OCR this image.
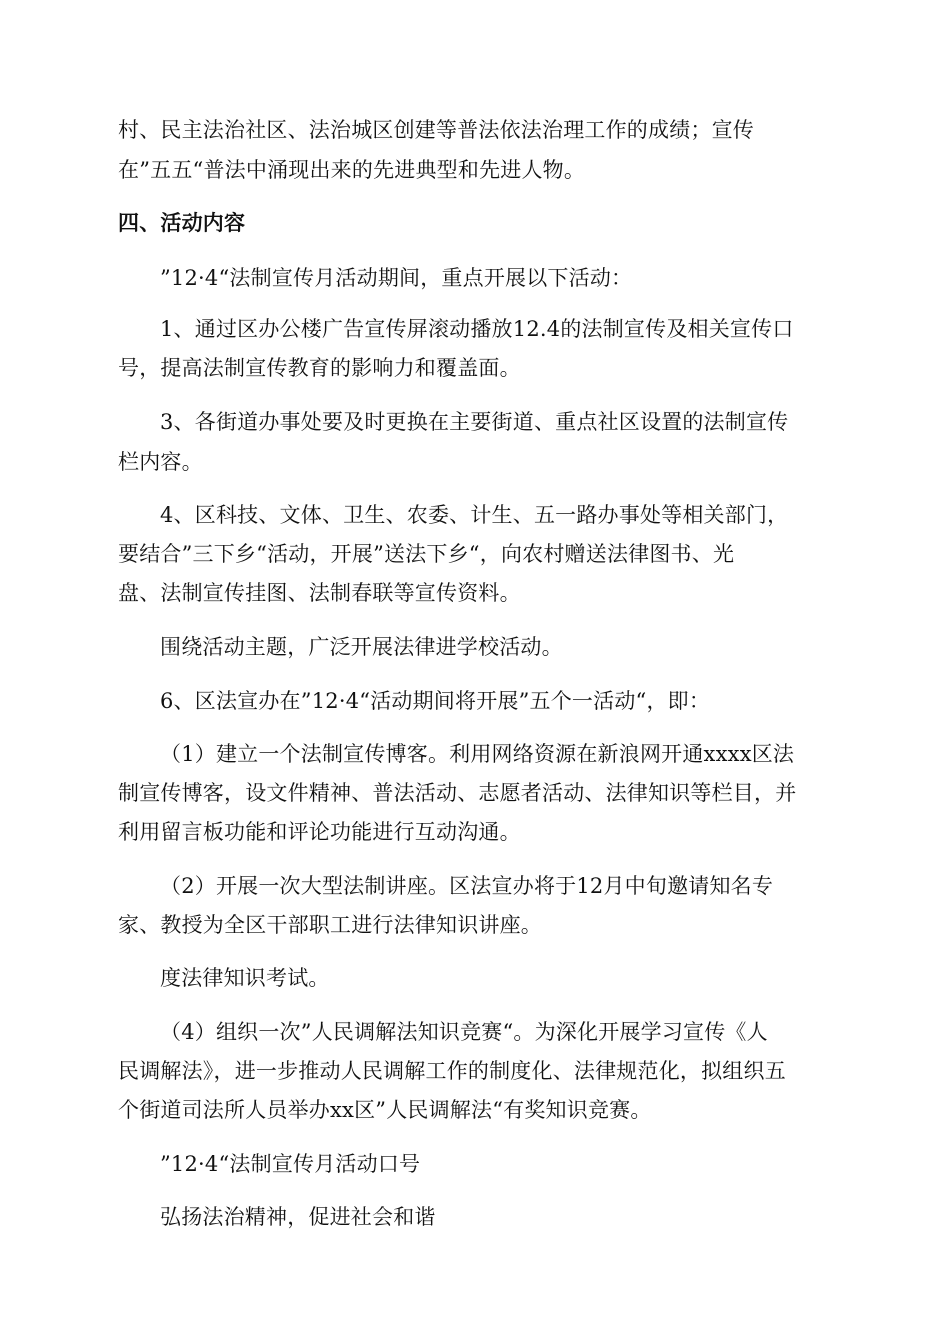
村、民主法治社区、法治城区创建等普法依法治理工作的成绩；宣传
在”五五“普法中涌现出来的先进典型和先进人物。
四、活动内容
”12·4“法制宣传月活动期间，重点开展以下活动：
1、通过区办公楼广告宣传屏滚动播放12.4的法制宣传及相关宣传口
号，提高法制宣传教育的影响力和覆盖面。
3、各街道办事处要及时更换在主要街道、重点社区设置的法制宣传
栏内容。
4、区科技、文体、卫生、农委、计生、五一路办事处等相关部门，
要结合”三下乡“活动，开展”送法下乡“，向农村赠送法律图书、光
盘、法制宣传挂图、法制春联等宣传资料。
围绕活动主题，广泛开展法律进学校活动。
6、区法宣办在”12·4“活动期间将开展”五个一活动“，即：
（1）建立一个法制宣传博客。利用网络资源在新浪网开通xxxx区法
制宣传博客，设文件精神、普法活动、志愿者活动、法律知识等栏目，并
利用留言板功能和评论功能进行互动沟通。
（2）开展一次大型法制讲座。区法宣办将于12月中旬邀请知名专
家、教授为全区干部职工进行法律知识讲座。
度法律知识考试。
（4）组织一次”人民调解法知识竞赛“。为深化开展学习宣传《人
民调解法》，进一步推动人民调解工作的制度化、法律规范化，拟组织五
个街道司法所人员举办xx区”人民调解法“有奖知识竞赛。
”12·4“法制宣传月活动口号
弘扬法治精神，促进社会和谐
